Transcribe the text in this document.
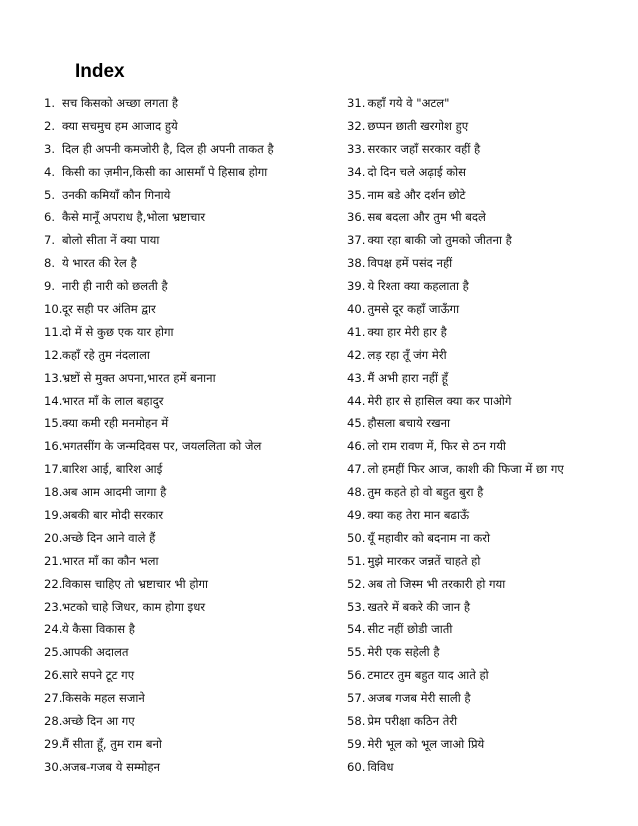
Index
1. सच किसको अच्छा लगता है
2. क्या सचमुच हम आजाद हुये
3. दिल ही अपनी कमजोरी है, दिल ही अपनी ताकत है
4. किसी का ज़मीन,किसी का आसमाँ पे हिसाब होगा
5. उनकी कमियाँ कौन गिनाये
6. कैसे मानूँ अपराध है,भोला भ्रष्टाचार
7. बोलो सीता नें क्या पाया
8. ये भारत की रेल है
9. नारी ही नारी को छलती है
10.दूर सही पर अंतिम द्वार
11.दो में से कुछ एक यार होगा
12.कहाँ रहे तुम नंदलाला
13.भ्रष्टों से मुक्त अपना,भारत हमें बनाना
14.भारत माँ के लाल बहादुर
15.क्या कमी रही मनमोहन में
16.भगतसींग के जन्मदिवस पर, जयललिता को जेल
17.बारिश आई, बारिश आई
18.अब आम आदमी जागा है
19.अबकी बार मोदी सरकार
20.अच्छे दिन आने वाले हैं
21.भारत माँ का कौन भला
22.विकास चाहिए तो भ्रष्टाचार भी होगा
23.भटको चाहे जिधर, काम होगा इधर
24.ये कैसा विकास है
25.आपकी अदालत
26.सारे सपने टूट गए
27.किसके महल सजाने
28.अच्छे दिन आ गए
29.मैं सीता हूँ, तुम राम बनो
30.अजब-गजब ये सम्मोहन
31. कहाँ गये वे "अटल"
32. छप्पन छाती खरगोश हुए
33. सरकार जहाँ सरकार वहीं है
34. दो दिन चले अढ़ाई कोस
35. नाम बडे और दर्शन छोटे
36. सब बदला और तुम भी बदले
37. क्या रहा बाकी जो तुमको जीतना है
38. विपक्ष हमें पसंद नहीं
39. ये रिश्ता क्या कहलाता है
40. तुमसे दूर कहाँ जाऊँगा
41. क्या हार मेरी हार है
42. लड़ रहा तूँ जंग मेरी
43. मैं अभी हारा नहीं हूँ
44. मेरी हार से हासिल क्या कर पाओगे
45. हौसला बचाये रखना
46. लो राम रावण में, फिर से ठन गयी
47. लो हमहीं फिर आज, काशी की फिजा में छा गए
48. तुम कहते हो वो बहुत बुरा है
49. क्या कह तेरा मान बढाऊँ
50. यूँ महावीर को बदनाम ना करो
51. मुझे मारकर जन्नतें चाहते हो
52. अब तो जिस्म भी तरकारी हो गया
53. खतरे में बकरे की जान है
54. सीट नहीं छोडी जाती
55. मेरी एक सहेली है
56. टमाटर तुम बहुत याद आते हो
57. अजब गजब मेरी साली है
58. प्रेम परीक्षा कठिन तेरी
59. मेरी भूल को भूल जाओ प्रिये
60. विविध
